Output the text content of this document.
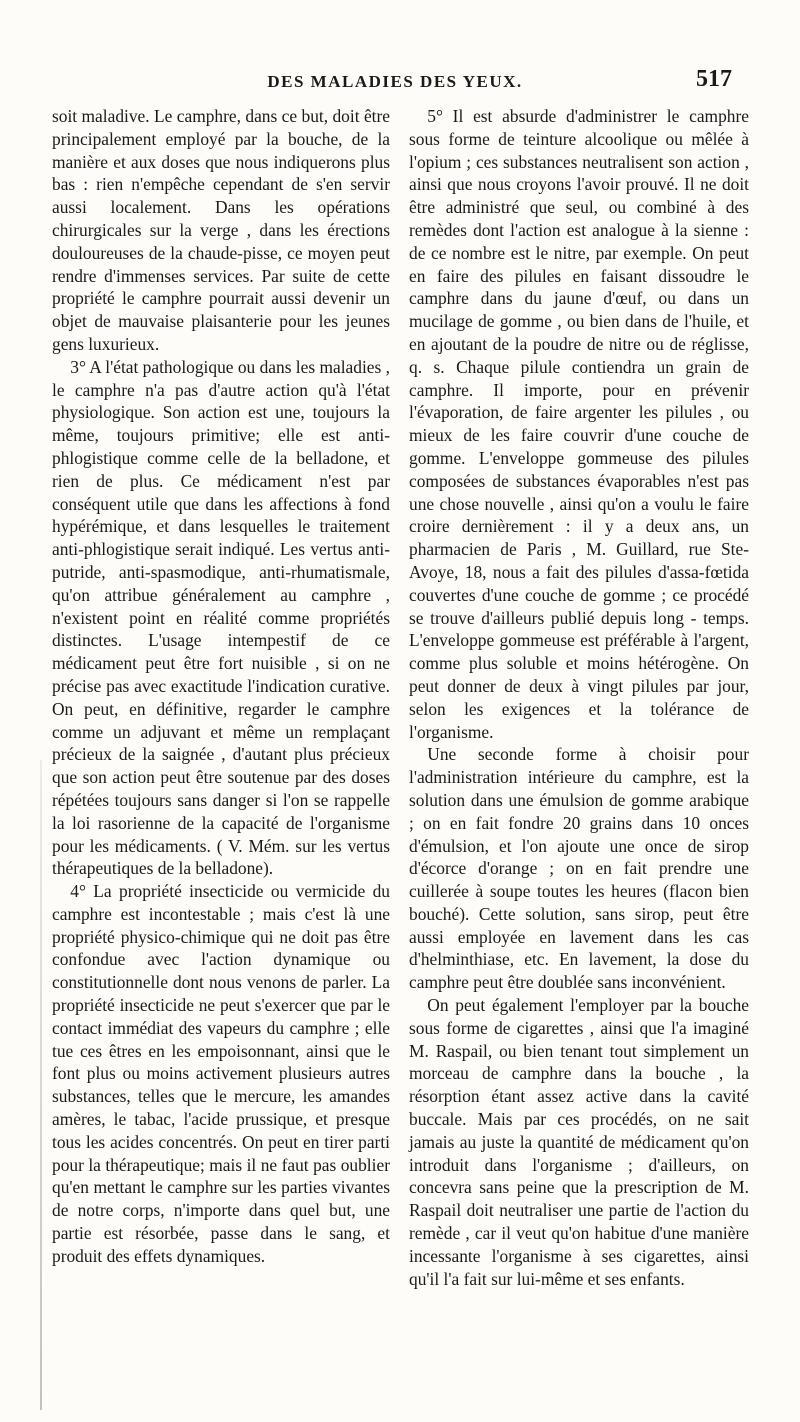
DES MALADIES DES YEUX.	517

soit maladive. Le camphre, dans ce but, doit être principalement employé par la bouche, de la manière et aux doses que nous indiquerons plus bas : rien n'empêche cependant de s'en servir aussi localement. Dans les opérations chirurgicales sur la verge , dans les érections douloureuses de la chaude-pisse, ce moyen peut rendre d'immenses services. Par suite de cette propriété le camphre pourrait aussi devenir un objet de mauvaise plaisanterie pour les jeunes gens luxurieux.

3° A l'état pathologique ou dans les maladies , le camphre n'a pas d'autre action qu'à l'état physiologique. Son action est une, toujours la même, toujours primitive; elle est anti-phlogistique comme celle de la belladone, et rien de plus. Ce médicament n'est par conséquent utile que dans les affections à fond hypérémique, et dans lesquelles le traitement anti-phlogistique serait indiqué. Les vertus anti-putride, anti-spasmodique, anti-rhumatismale, qu'on attribue généralement au camphre , n'existent point en réalité comme propriétés distinctes. L'usage intempestif de ce médicament peut être fort nuisible , si on ne précise pas avec exactitude l'indication curative. On peut, en définitive, regarder le camphre comme un adjuvant et même un remplaçant précieux de la saignée , d'autant plus précieux que son action peut être soutenue par des doses répétées toujours sans danger si l'on se rappelle la loi rasorienne de la capacité de l'organisme pour les médicaments. ( V. Mém. sur les vertus thérapeutiques de la belladone).

4° La propriété insecticide ou vermicide du camphre est incontestable ; mais c'est là une propriété physico-chimique qui ne doit pas être confondue avec l'action dynamique ou constitutionnelle dont nous venons de parler. La propriété insecticide ne peut s'exercer que par le contact immédiat des vapeurs du camphre ; elle tue ces êtres en les empoisonnant, ainsi que le font plus ou moins activement plusieurs autres substances, telles que le mercure, les amandes amères, le tabac, l'acide prussique, et presque tous les acides concentrés. On peut en tirer parti pour la thérapeutique; mais il ne faut pas oublier qu'en mettant le camphre sur les parties vivantes de notre corps, n'importe dans quel but, une partie est résorbée, passe dans le sang, et produit des effets dynamiques.

5° Il est absurde d'administrer le camphre sous forme de teinture alcoolique ou mêlée à l'opium ; ces substances neutralisent son action , ainsi que nous croyons l'avoir prouvé. Il ne doit être administré que seul, ou combiné à des remèdes dont l'action est analogue à la sienne : de ce nombre est le nitre, par exemple. On peut en faire des pilules en faisant dissoudre le camphre dans du jaune d'œuf, ou dans un mucilage de gomme , ou bien dans de l'huile, et en ajoutant de la poudre de nitre ou de réglisse, q. s. Chaque pilule contiendra un grain de camphre. Il importe, pour en prévenir l'évaporation, de faire argenter les pilules , ou mieux de les faire couvrir d'une couche de gomme. L'enveloppe gommeuse des pilules composées de substances évaporables n'est pas une chose nouvelle , ainsi qu'on a voulu le faire croire dernièrement : il y a deux ans, un pharmacien de Paris , M. Guillard, rue Ste-Avoye, 18, nous a fait des pilules d'assa-fœtida couvertes d'une couche de gomme ; ce procédé se trouve d'ailleurs publié depuis long - temps. L'enveloppe gommeuse est préférable à l'argent, comme plus soluble et moins hétérogène. On peut donner de deux à vingt pilules par jour, selon les exigences et la tolérance de l'organisme.

Une seconde forme à choisir pour l'administration intérieure du camphre, est la solution dans une émulsion de gomme arabique ; on en fait fondre 20 grains dans 10 onces d'émulsion, et l'on ajoute une once de sirop d'écorce d'orange ; on en fait prendre une cuillerée à soupe toutes les heures (flacon bien bouché). Cette solution, sans sirop, peut être aussi employée en lavement dans les cas d'helminthiase, etc. En lavement, la dose du camphre peut être doublée sans inconvénient.

On peut également l'employer par la bouche sous forme de cigarettes , ainsi que l'a imaginé M. Raspail, ou bien tenant tout simplement un morceau de camphre dans la bouche , la résorption étant assez active dans la cavité buccale. Mais par ces procédés, on ne sait jamais au juste la quantité de médicament qu'on introduit dans l'organisme ; d'ailleurs, on concevra sans peine que la prescription de M. Raspail doit neutraliser une partie de l'action du remède , car il veut qu'on habitue d'une manière incessante l'organisme à ses cigarettes, ainsi qu'il l'a fait sur lui-même et ses enfants.
